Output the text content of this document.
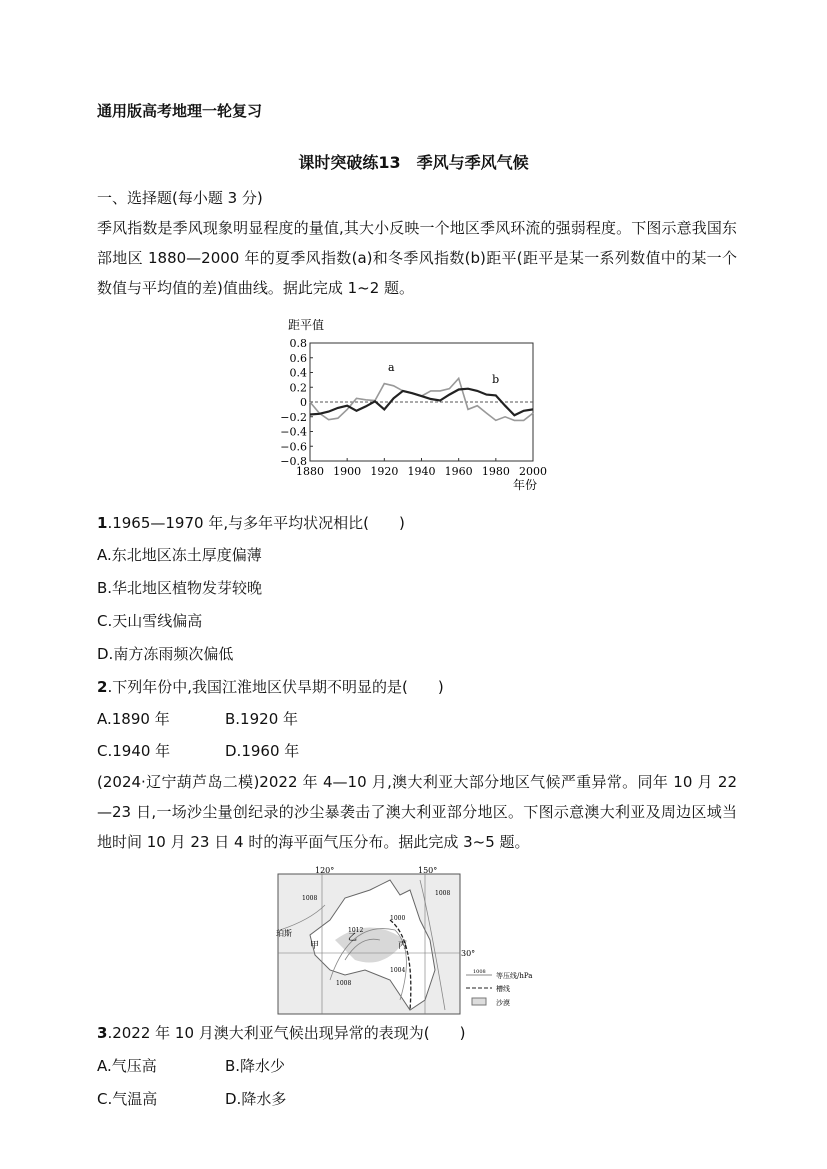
通用版高考地理一轮复习
课时突破练13　季风与季风气候
一、选择题(每小题 3 分)
季风指数是季风现象明显程度的量值,其大小反映一个地区季风环流的强弱程度。下图示意我国东部地区 1880—2000 年的夏季风指数(a)和冬季风指数(b)距平(距平是某一系列数值中的某一个数值与平均值的差)值曲线。据此完成 1~2 题。
0.8
0.6
0.4
0.2
0
−0.2
−0.4
−0.6
−0.8
1880 1900 1920 1940 1960 1980 2000
距平值
年份
a
b
1.1965—1970 年,与多年平均状况相比(　　)
A.东北地区冻土厚度偏薄
B.华北地区植物发芽较晚
C.天山雪线偏高
D.南方冻雨频次偏低
2.下列年份中,我国江淮地区伏旱期不明显的是(　　)
A.1890 年	B.1920 年
C.1940 年	D.1960 年
(2024·辽宁葫芦岛二模)2022 年 4—10 月,澳大利亚大部分地区气候严重异常。同年 10 月 22—23 日,一场沙尘量创纪录的沙尘暴袭击了澳大利亚部分地区。下图示意澳大利亚及周边区域当地时间 10 月 23 日 4 时的海平面气压分布。据此完成 3~5 题。
120°	150°
30°
珀斯
甲
乙
丙
1008
1012
1008
1004
1000
1008
1008 等压线/hPa
槽线
沙漠
3.2022 年 10 月澳大利亚气候出现异常的表现为(　　)
A.气压高	B.降水少
C.气温高	D.降水多
